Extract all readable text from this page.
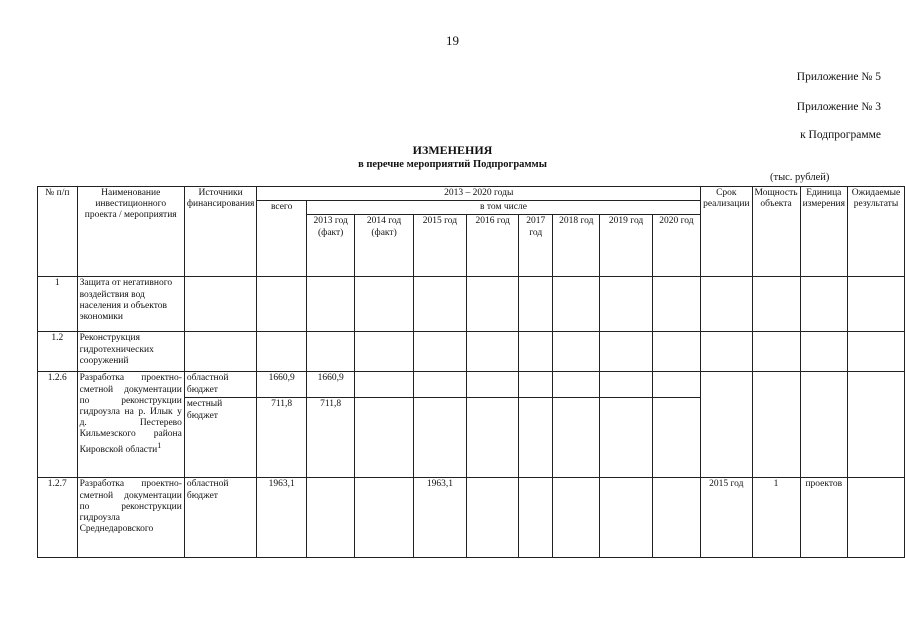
19
Приложение № 5
Приложение № 3
к Подпрограмме
ИЗМЕНЕНИЯ
в перечне мероприятий Подпрограммы
(тыс. рублей)
№ п/п	Наименование инвестиционного проекта / мероприятия	Источники финансирования	2013 – 2020 годы									Срок реализации	Мощность объекта	Единица измерения	Ожидаемые результаты
			всего	в том числе											
				2013 год (факт)	2014 год (факт)	2015 год	2016 год	2017 год	2018 год	2019 год	2020 год				
1	Защита от негативного воздействия вод населения и объектов экономики														
1.2	Реконструкция гидротехнических сооружений														
1.2.6	Разработка проектно-сметной документации по реконструкции гидроузла на р. Илык у д. Пестерево Кильмезского района Кировской области$^1$	областной бюджет	1660,9	1660,9											
		местный бюджет	711,8	711,8											
1.2.7	Разработка проектно-сметной документации по реконструкции гидроузла Среднедаровского	областной бюджет	1963,1			1963,1						2015 год	1	проектов	
